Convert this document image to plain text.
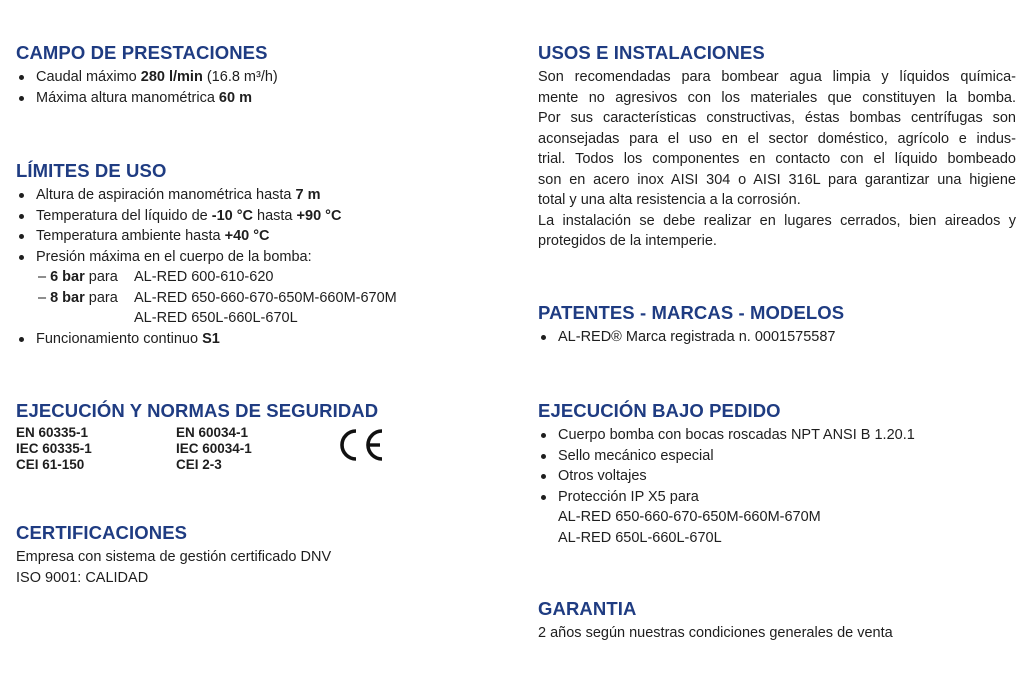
CAMPO DE PRESTACIONES
Caudal máximo 280 l/min (16.8 m³/h)
Máxima altura manométrica 60 m
LÍMITES DE USO
Altura de aspiración manométrica hasta 7 m
Temperatura del líquido de -10 °C hasta +90 °C
Temperatura ambiente hasta +40 °C
Presión máxima en el cuerpo de la bomba:
– 6 bar para	AL-RED 600-610-620
– 8 bar para	AL-RED 650-660-670-650M-660M-670M
AL-RED 650L-660L-670L
Funcionamiento continuo S1
EJECUCIÓN Y NORMAS DE SEGURIDAD
EN 60335-1
IEC 60335-1
CEI 61-150
EN 60034-1
IEC 60034-1
CEI 2-3
CERTIFICACIONES
Empresa con sistema de gestión certificado DNV
ISO 9001: CALIDAD
USOS E INSTALACIONES
Son recomendadas para bombear agua limpia y líquidos química-
mente no agresivos con los materiales que constituyen la bomba.
Por sus características constructivas, éstas bombas centrífugas son
aconsejadas para el uso en el sector doméstico, agrícolo e indus-
trial. Todos los componentes en contacto con el líquido bombeado
son en acero inox AISI 304 o AISI 316L para garantizar una higiene
total y una alta resistencia a la corrosión.
La instalación se debe realizar en lugares cerrados, bien aireados y
protegidos de la intemperie.
PATENTES - MARCAS - MODELOS
AL-RED® Marca registrada n. 0001575587
EJECUCIÓN BAJO PEDIDO
Cuerpo bomba con bocas roscadas NPT ANSI B 1.20.1
Sello mecánico especial
Otros voltajes
Protección IP X5 para
AL-RED 650-660-670-650M-660M-670M
AL-RED 650L-660L-670L
GARANTIA
2 años según nuestras condiciones generales de venta
